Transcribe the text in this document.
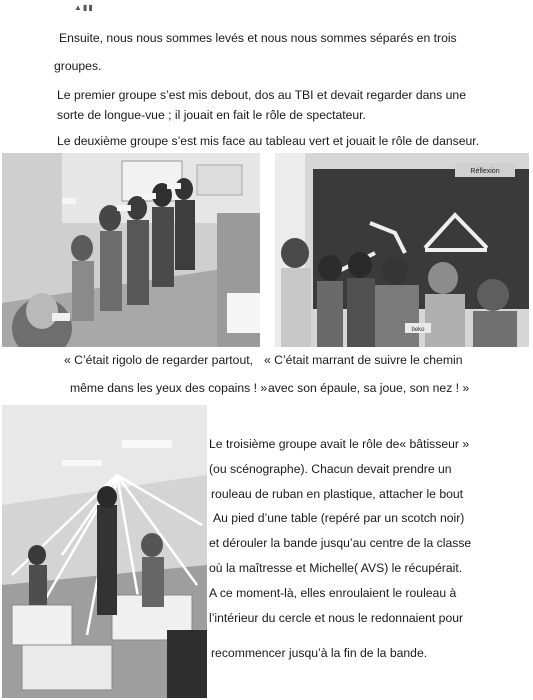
▲▮▮
Ensuite, nous nous sommes levés et nous nous sommes séparés en trois
groupes.
Le premier groupe s’est mis debout, dos au TBI et devait regarder dans une
sorte de longue-vue ; il jouait en fait le rôle de spectateur.
Le deuxième groupe s’est mis face au tableau vert et jouait le rôle de danseur.
Réflexion
beko
« C’était rigolo de regarder partout,
même dans les yeux des copains ! »
« C’était marrant de suivre le chemin
avec son épaule, sa joue, son nez ! »
Le troisième groupe avait le rôle de« bâtisseur »
(ou scénographe). Chacun devait prendre un
rouleau de ruban en plastique, attacher le bout
Au pied d’une table (repéré par un scotch noir)
et dérouler la bande jusqu’au centre de la classe
où la maîtresse et Michelle( AVS) le récupérait.
A ce moment-là, elles enroulaient le rouleau à
l’intérieur du cercle et nous le redonnaient pour
recommencer jusqu’à la fin de la bande.
